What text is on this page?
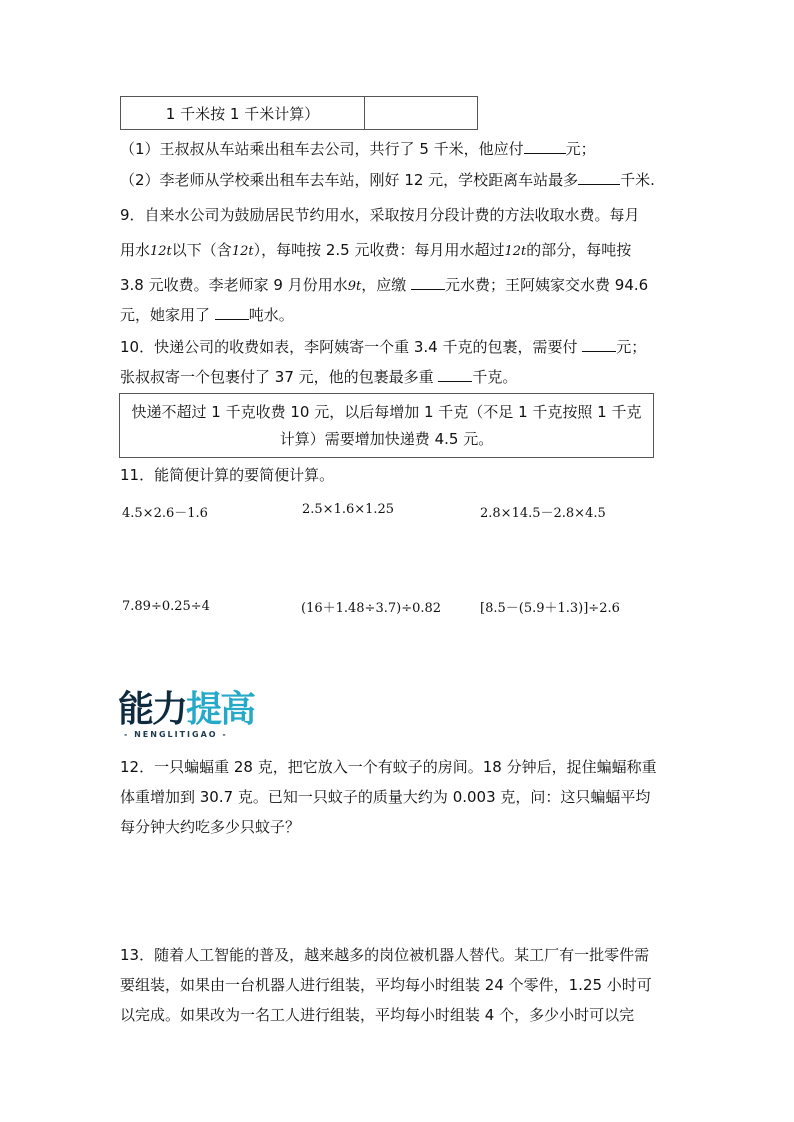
1 千米按 1 千米计算）
（1）王叔叔从车站乘出租车去公司，共行了 5 千米，他应付	元；
（2）李老师从学校乘出租车去车站，刚好 12 元，学校距离车站最多	千米.
9．自来水公司为鼓励居民节约用水，采取按月分段计费的方法收取水费。每月
用水12t以下（含12t），每吨按 2.5 元收费：每月用水超过12t的部分，每吨按
3.8 元收费。李老师家 9 月份用水9t，应缴 元水费；王阿姨家交水费 94.6
元，她家用了 吨水。
10．快递公司的收费如表，李阿姨寄一个重 3.4 千克的包裹，需要付 元；
张叔叔寄一个包裹付了 37 元，他的包裹最多重 千克。
快递不超过 1 千克收费 10 元，以后每增加 1 千克（不足 1 千克按照 1 千克
计算）需要增加快递费 4.5 元。
11．能简便计算的要简便计算。
4.5×2.6－1.6	2.5×1.6×1.25	2.8×14.5－2.8×4.5
7.89÷0.25÷4	(16＋1.48÷3.7)÷0.82	[8.5－(5.9＋1.3)]÷2.6
能力提高
- NENGLITIGAO -
12．一只蝙蝠重 28 克，把它放入一个有蚊子的房间。18 分钟后，捉住蝙蝠称重
体重增加到 30.7 克。已知一只蚊子的质量大约为 0.003 克，问：这只蝙蝠平均
每分钟大约吃多少只蚊子？
13．随着人工智能的普及，越来越多的岗位被机器人替代。某工厂有一批零件需
要组装，如果由一台机器人进行组装，平均每小时组装 24 个零件，1.25 小时可
以完成。如果改为一名工人进行组装，平均每小时组装 4 个，多少小时可以完
